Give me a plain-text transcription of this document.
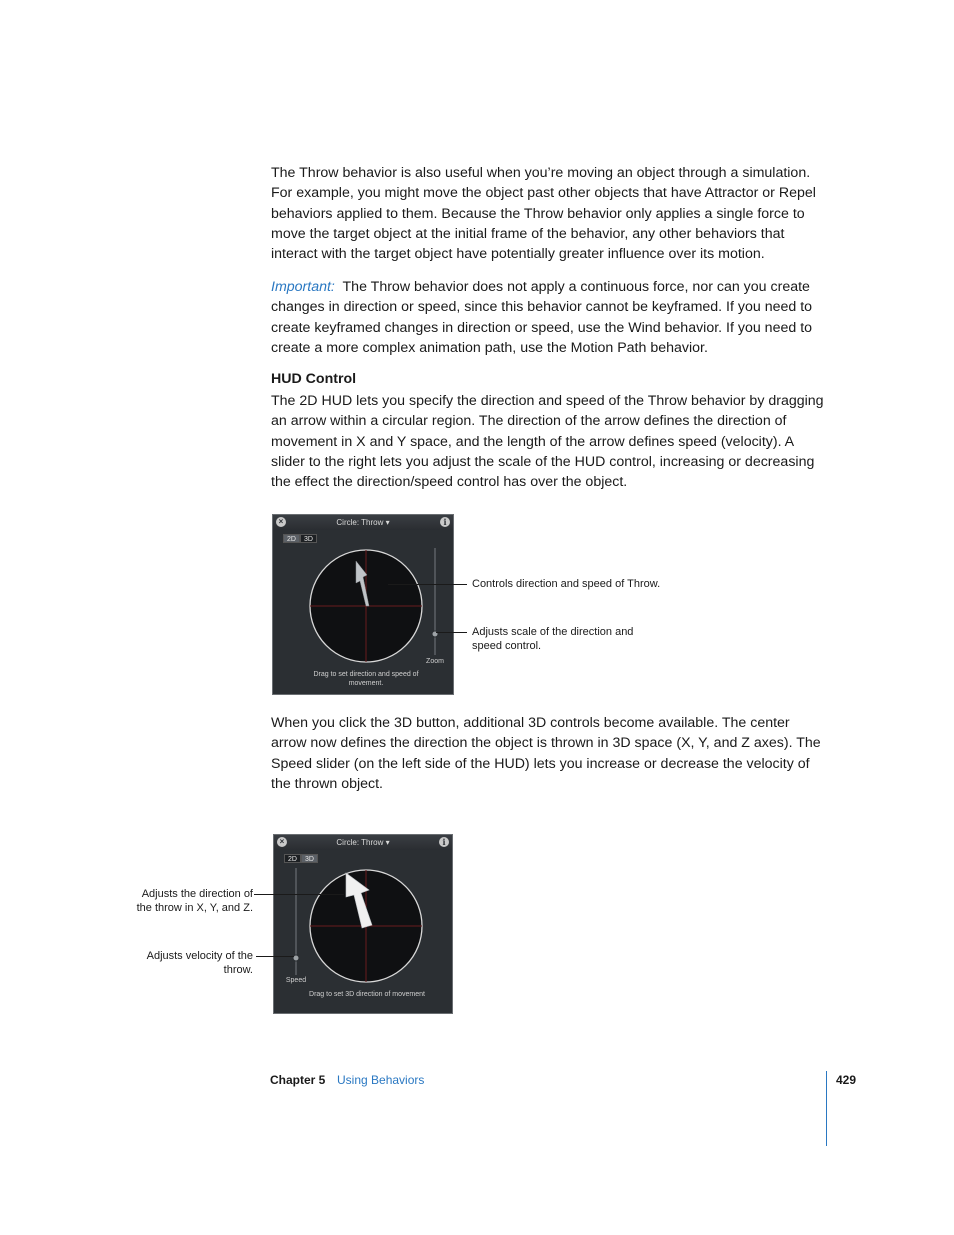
The Throw behavior is also useful when you’re moving an object through a simulation. For example, you might move the object past other objects that have Attractor or Repel behaviors applied to them. Because the Throw behavior only applies a single force to move the target object at the initial frame of the behavior, any other behaviors that interact with the target object have potentially greater influence over its motion.

Important: The Throw behavior does not apply a continuous force, nor can you create changes in direction or speed, since this behavior cannot be keyframed. If you need to create keyframed changes in direction or speed, use the Wind behavior. If you need to create a more complex animation path, use the Motion Path behavior.

HUD Control

The 2D HUD lets you specify the direction and speed of the Throw behavior by dragging an arrow within a circular region. The direction of the arrow defines the direction of movement in X and Y space, and the length of the arrow defines speed (velocity). A slider to the right lets you adjust the scale of the HUD control, increasing or decreasing the effect the direction/speed control has over the object.

Circle: Throw ▾
×	i
2D	3D
Zoom
Drag to set direction and speed of movement.

Controls direction and speed of Throw.

Adjusts scale of the direction and speed control.

When you click the 3D button, additional 3D controls become available. The center arrow now defines the direction the object is thrown in 3D space (X, Y, and Z axes). The Speed slider (on the left side of the HUD) lets you increase or decrease the velocity of the thrown object.

Circle: Throw ▾
×	i
2D	3D
Speed
Drag to set 3D direction of movement

Adjusts the direction of the throw in X, Y, and Z.

Adjusts velocity of the throw.

Chapter 5 Using Behaviors	429
